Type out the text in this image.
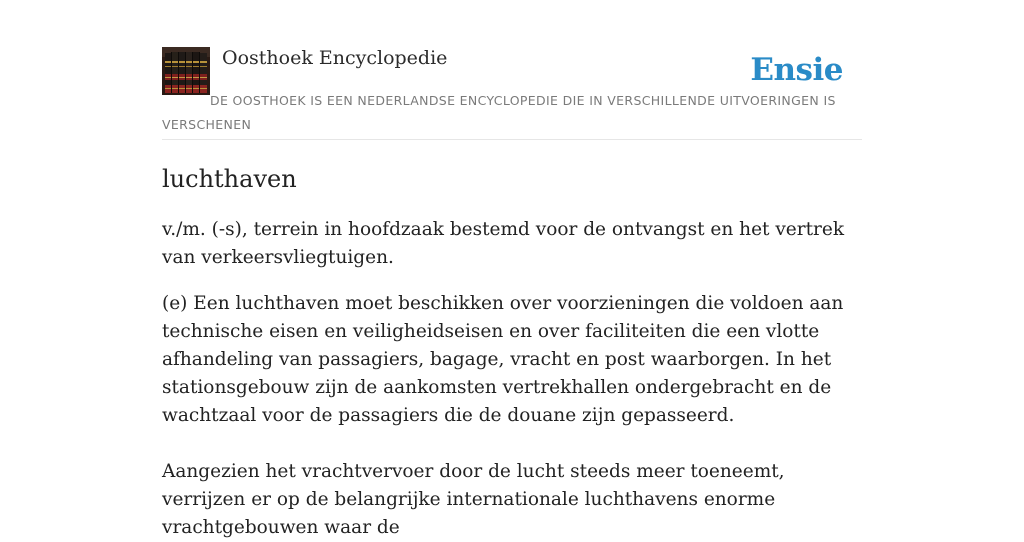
Oosthoek Encyclopedie	Ensie
DE OOSTHOEK IS EEN NEDERLANDSE ENCYCLOPEDIE DIE IN VERSCHILLENDE UITVOERINGEN IS VERSCHENEN
luchthaven

v./m. (-s), terrein in hoofdzaak bestemd voor de ontvangst en het vertrek van verkeersvliegtuigen.

(e) Een luchthaven moet beschikken over voorzieningen die voldoen aan technische eisen en veiligheidseisen en over faciliteiten die een vlotte afhandeling van passagiers, bagage, vracht en post waarborgen. In het stationsgebouw zijn de aankomsten vertrekhallen ondergebracht en de wachtzaal voor de passagiers die de douane zijn gepasseerd.

Aangezien het vrachtvervoer door de lucht steeds meer toeneemt, verrijzen er op de belangrijke internationale luchthavens enorme vrachtgebouwen waar de
